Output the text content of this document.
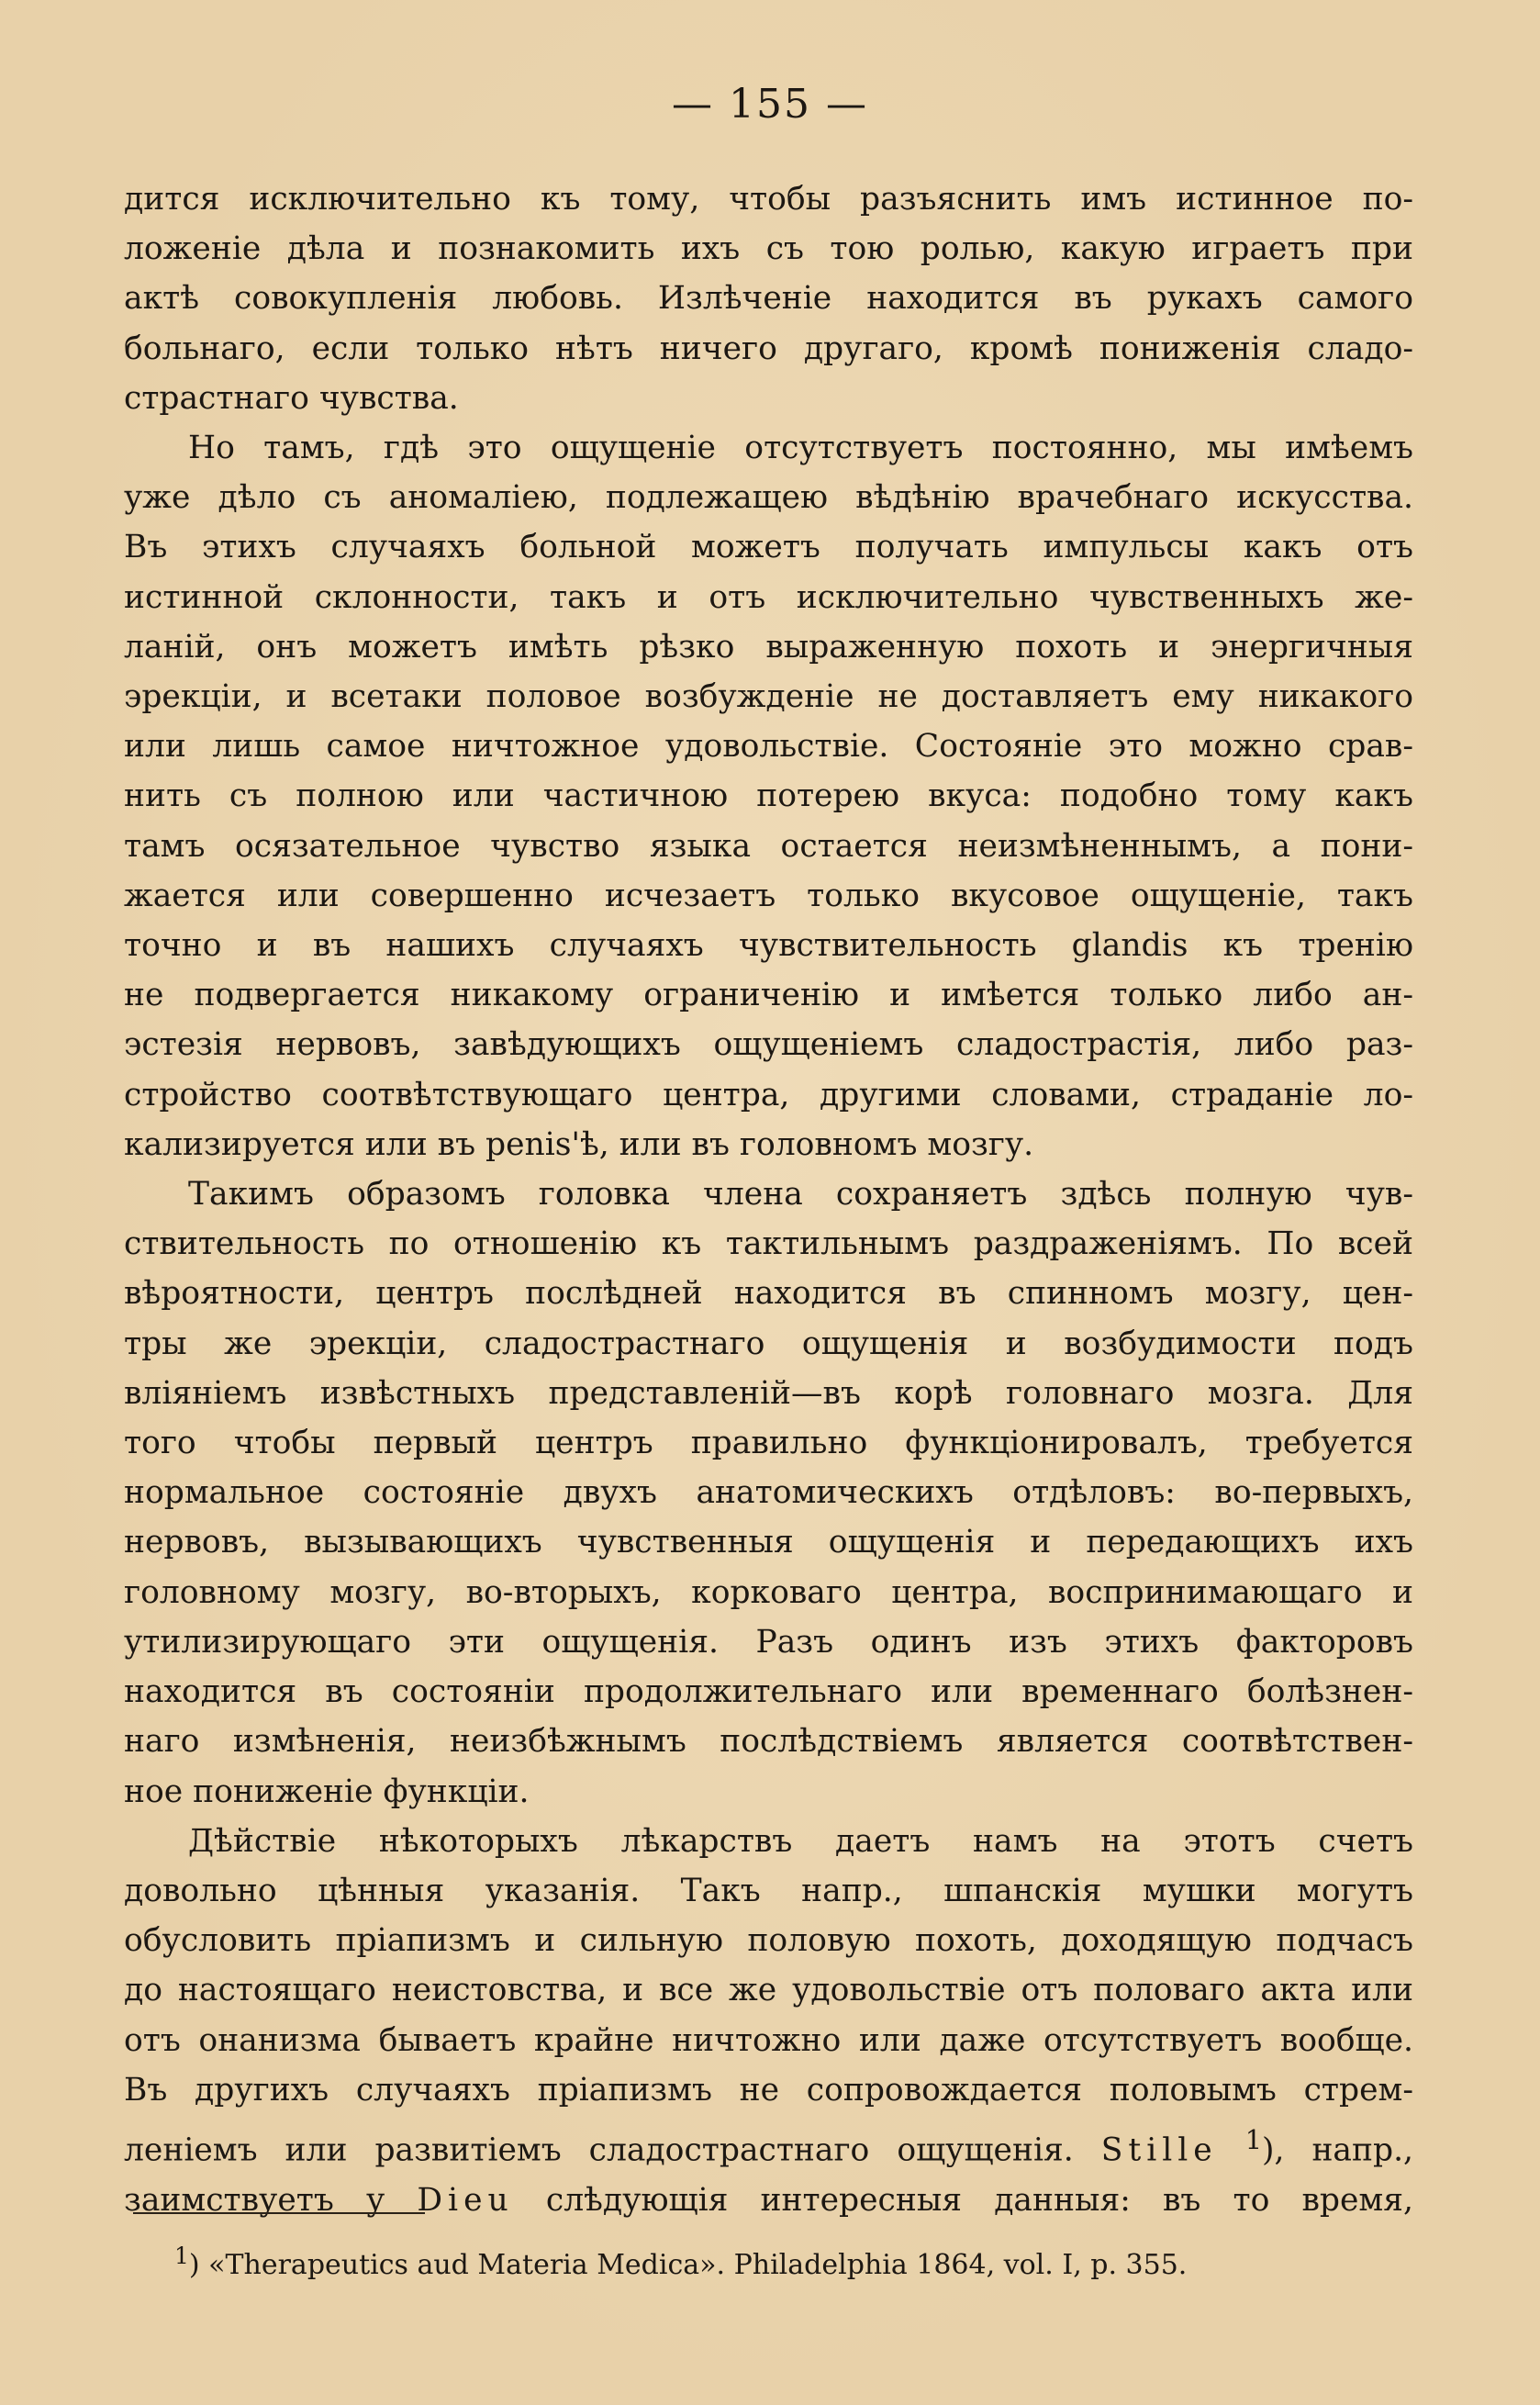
— 155 —

дится исключительно къ тому, чтобы разъяснить имъ истинное по-
ложенiе дѣла и познакомить ихъ съ тою ролью, какую играетъ при
актѣ совокупленiя любовь. Излѣченiе находится въ рукахъ самого
больнаго, если только нѣтъ ничего другаго, кромѣ пониженiя сладо-
страстнаго чувства.

Но тамъ, гдѣ это ощущенiе отсутствуетъ постоянно, мы имѣемъ
уже дѣло съ аномалiею, подлежащею вѣдѣнiю врачебнаго искусства.
Въ этихъ случаяхъ больной можетъ получать импульсы какъ отъ
истинной склонности, такъ и отъ исключительно чувственныхъ же-
ланiй, онъ можетъ имѣть рѣзко выраженную похоть и энергичныя
эрекцiи, и всетаки половое возбужденiе не доставляетъ ему никакого
или лишь самое ничтожное удовольствiе. Состоянiе это можно срав-
нить съ полною или частичною потерею вкуса: подобно тому какъ
тамъ осязательное чувство языка остается неизмѣненнымъ, а пони-
жается или совершенно исчезаетъ только вкусовое ощущенiе, такъ
точно и въ нашихъ случаяхъ чувствительность glandis къ тренiю
не подвергается никакому ограниченiю и имѣется только либо ан-
эстезiя нервовъ, завѣдующихъ ощущенiемъ сладострастiя, либо раз-
стройство соотвѣтствующаго центра, другими словами, страданiе ло-
кализируется или въ penis'ѣ, или въ головномъ мозгу.

Такимъ образомъ головка члена сохраняетъ здѣсь полную чув-
ствительность по отношенiю къ тактильнымъ раздраженiямъ. По всей
вѣроятности, центръ послѣдней находится въ спинномъ мозгу, цен-
тры же эрекцiи, сладострастнаго ощущенiя и возбудимости подъ
влiянiемъ извѣстныхъ представленiй—въ корѣ головнаго мозга. Для
того чтобы первый центръ правильно функцiонировалъ, требуется
нормальное состоянiе двухъ анатомическихъ отдѣловъ: во-первыхъ,
нервовъ, вызывающихъ чувственныя ощущенiя и передающихъ ихъ
головному мозгу, во-вторыхъ, корковаго центра, воспринимающаго и
утилизирующаго эти ощущенiя. Разъ одинъ изъ этихъ факторовъ
находится въ состоянiи продолжительнаго или временнаго болѣзнен-
наго измѣненiя, неизбѣжнымъ послѣдствiемъ является соотвѣтствен-
ное пониженiе функцiи.

Дѣйствiе нѣкоторыхъ лѣкарствъ даетъ намъ на этотъ счетъ
довольно цѣнныя указанiя. Такъ напр., шпанскiя мушки могутъ
обусловить прiапизмъ и сильную половую похоть, доходящую подчасъ
до настоящаго неистовства, и все же удовольствiе отъ половаго акта или
отъ онанизма бываетъ крайне ничтожно или даже отсутствуетъ вообще.
Въ другихъ случаяхъ прiапизмъ не сопровождается половымъ стрем-
ленiемъ или развитiемъ сладострастнаго ощущенiя. Stille $^1$), напр.,
заимствуетъ у Dieu слѣдующiя интересныя данныя: въ то время,

$^1$) «Therapeutics aud Materia Medica». Philadelphia 1864, vol. I, p. 355.
